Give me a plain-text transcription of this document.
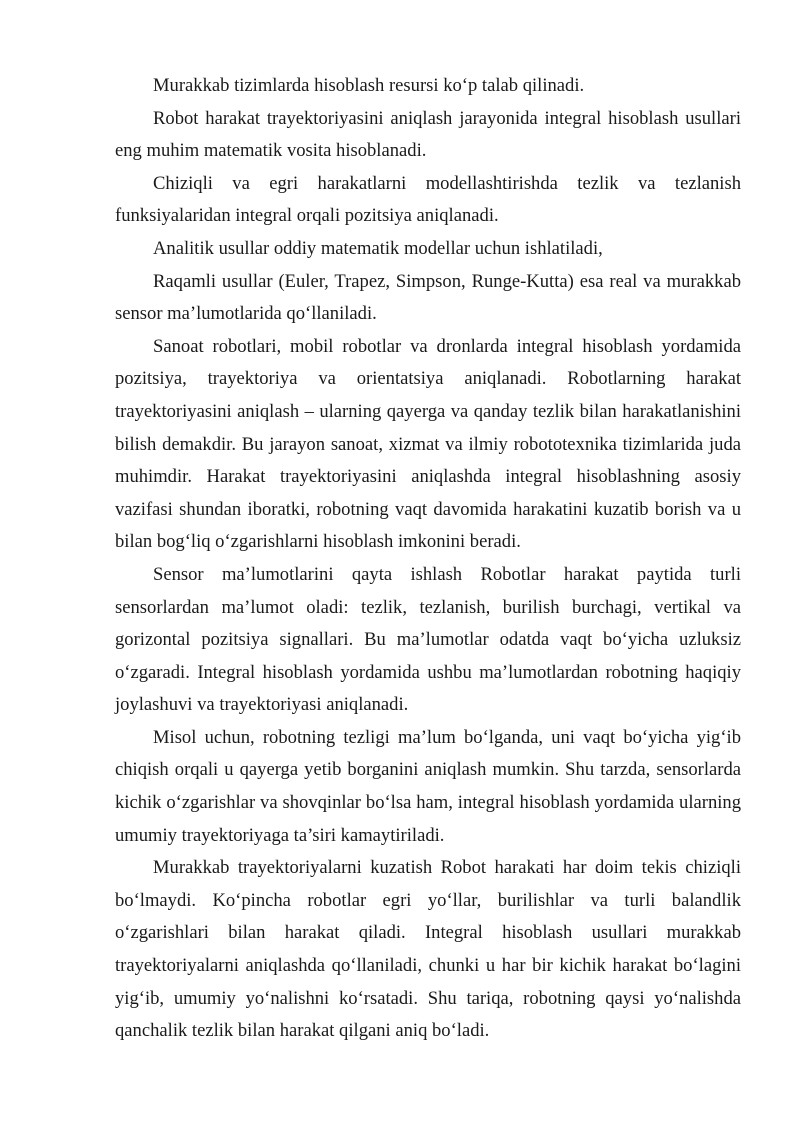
Murakkab tizimlarda hisoblash resursi ko‘p talab qilinadi.

Robot harakat trayektoriyasini aniqlash jarayonida integral hisoblash usullari eng muhim matematik vosita hisoblanadi.

Chiziqli va egri harakatlarni modellashtirishda tezlik va tezlanish funksiyalaridan integral orqali pozitsiya aniqlanadi.

Analitik usullar oddiy matematik modellar uchun ishlatiladi,

Raqamli usullar (Euler, Trapez, Simpson, Runge-Kutta) esa real va murakkab sensor ma’lumotlarida qo‘llaniladi.

Sanoat robotlari, mobil robotlar va dronlarda integral hisoblash yordamida pozitsiya, trayektoriya va orientatsiya aniqlanadi. Robotlarning harakat trayektoriyasini aniqlash – ularning qayerga va qanday tezlik bilan harakatlanishini bilish demakdir. Bu jarayon sanoat, xizmat va ilmiy robototexnika tizimlarida juda muhimdir. Harakat trayektoriyasini aniqlashda integral hisoblashning asosiy vazifasi shundan iboratki, robotning vaqt davomida harakatini kuzatib borish va u bilan bog‘liq o‘zgarishlarni hisoblash imkonini beradi.

Sensor ma’lumotlarini qayta ishlash Robotlar harakat paytida turli sensorlardan ma’lumot oladi: tezlik, tezlanish, burilish burchagi, vertikal va gorizontal pozitsiya signallari. Bu ma’lumotlar odatda vaqt bo‘yicha uzluksiz o‘zgaradi. Integral hisoblash yordamida ushbu ma’lumotlardan robotning haqiqiy joylashuvi va trayektoriyasi aniqlanadi.

Misol uchun, robotning tezligi ma’lum bo‘lganda, uni vaqt bo‘yicha yig‘ib chiqish orqali u qayerga yetib borganini aniqlash mumkin. Shu tarzda, sensorlarda kichik o‘zgarishlar va shovqinlar bo‘lsa ham, integral hisoblash yordamida ularning umumiy trayektoriyaga ta’siri kamaytiriladi.

Murakkab trayektoriyalarni kuzatish Robot harakati har doim tekis chiziqli bo‘lmaydi. Ko‘pincha robotlar egri yo‘llar, burilishlar va turli balandlik o‘zgarishlari bilan harakat qiladi. Integral hisoblash usullari murakkab trayektoriyalarni aniqlashda qo‘llaniladi, chunki u har bir kichik harakat bo‘lagini yig‘ib, umumiy yo‘nalishni ko‘rsatadi. Shu tariqa, robotning qaysi yo‘nalishda qanchalik tezlik bilan harakat qilgani aniq bo‘ladi.
